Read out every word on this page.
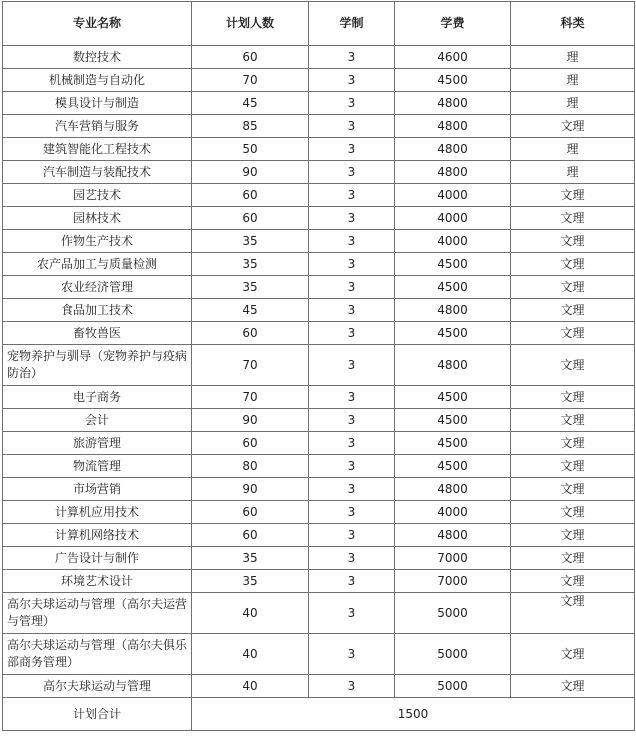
专业名称	计划人数	学制	学费	科类
数控技术	60	3	4600	理
机械制造与自动化	70	3	4500	理
模具设计与制造	45	3	4800	理
汽车营销与服务	85	3	4800	文理
建筑智能化工程技术	50	3	4800	理
汽车制造与装配技术	90	3	4800	理
园艺技术	60	3	4000	文理
园林技术	60	3	4000	文理
作物生产技术	35	3	4000	文理
农产品加工与质量检测	35	3	4500	文理
农业经济管理	35	3	4500	文理
食品加工技术	45	3	4800	文理
畜牧兽医	60	3	4500	文理
宠物养护与驯导（宠物养护与疫病防治）	70	3	4800	文理
电子商务	70	3	4500	文理
会计	90	3	4500	文理
旅游管理	60	3	4500	文理
物流管理	80	3	4500	文理
市场营销	90	3	4800	文理
计算机应用技术	60	3	4000	文理
计算机网络技术	60	3	4800	文理
广告设计与制作	35	3	7000	文理
环境艺术设计	35	3	7000	文理
高尔夫球运动与管理（高尔夫运营与管理）	40	3	5000	文理
高尔夫球运动与管理（高尔夫俱乐部商务管理）	40	3	5000	文理
高尔夫球运动与管理	40	3	5000	文理
计划合计	1500			
